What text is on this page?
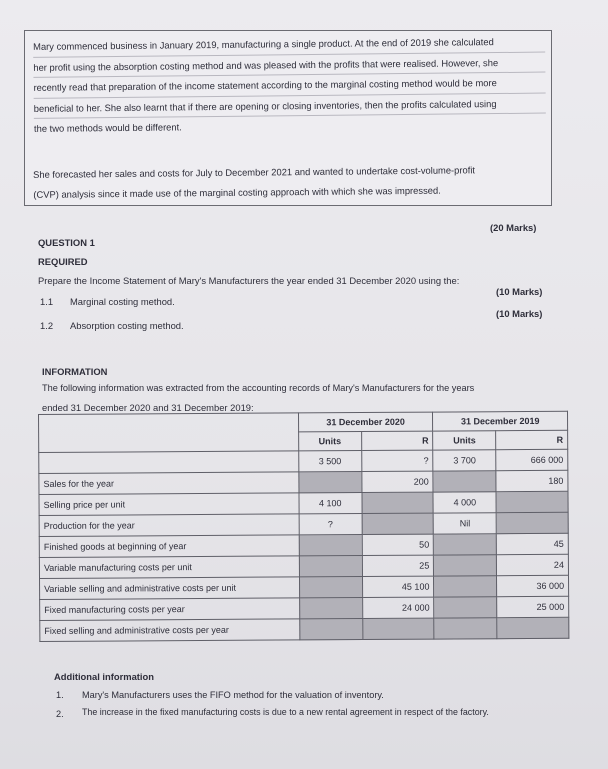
Mary commenced business in January 2019, manufacturing a single product. At the end of 2019 she calculated
her profit using the absorption costing method and was pleased with the profits that were realised. However, she
recently read that preparation of the income statement according to the marginal costing method would be more
beneficial to her. She also learnt that if there are opening or closing inventories, then the profits calculated using
the two methods would be different.

She forecasted her sales and costs for July to December 2021 and wanted to undertake cost-volume-profit
(CVP) analysis since it made use of the marginal costing approach with which she was impressed.

(20 Marks)
QUESTION 1
REQUIRED
Prepare the Income Statement of Mary's Manufacturers the year ended 31 December 2020 using the:
1.1 Marginal costing method.
(10 Marks)
1.2 Absorption costing method.
(10 Marks)
INFORMATION
The following information was extracted from the accounting records of Mary's Manufacturers for the years
ended 31 December 2020 and 31 December 2019:
	31 December 2020		31 December 2019	
	Units	R	Units	R
	3 500	?	3 700	666 000
Sales for the year		200		180
Selling price per unit	4 100		4 000	
Production for the year	?		Nil	
Finished goods at beginning of year		50		45
Variable manufacturing costs per unit		25		24
Variable selling and administrative costs per unit		45 100		36 000
Fixed manufacturing costs per year		24 000		25 000
Fixed selling and administrative costs per year				
Additional information
1. Mary's Manufacturers uses the FIFO method for the valuation of inventory.
2. The increase in the fixed manufacturing costs is due to a new rental agreement in respect of the factory.
